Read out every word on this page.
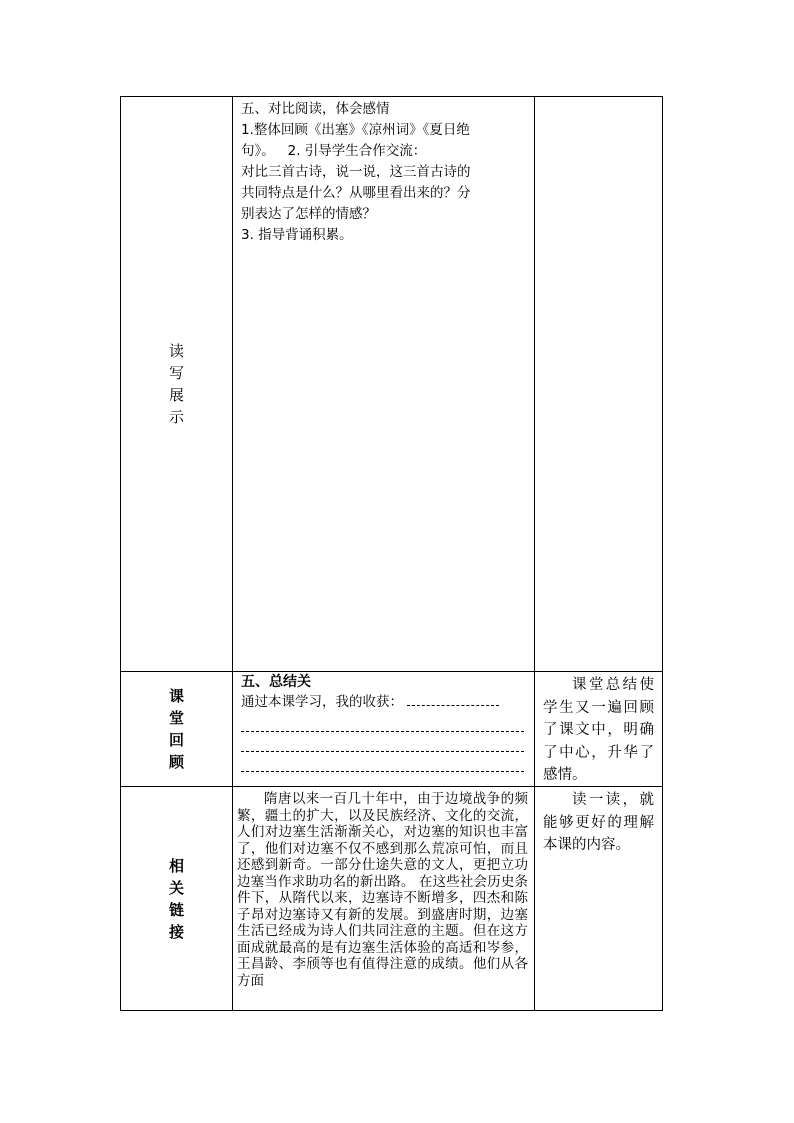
读
写
展
示

五、对比阅读，体会感情

1.整体回顾《出塞》《凉州词》《夏日绝

句》。   2. 引导学生合作交流：

对比三首古诗，说一说，这三首古诗的

共同特点是什么？从哪里看出来的？分

别表达了怎样的情感？

3. 指导背诵积累。

课
堂
回
顾

五、总结关

通过本课学习，我的收获：

课堂总结使学生又一遍回顾了课文中，明确了中心，升华了感情。

相
关
链
接

隋唐以来一百几十年中，由于边境战争的频繁，疆土的扩大，以及民族经济、文化的交流，人们对边塞生活渐渐关心，对边塞的知识也丰富了，他们对边塞不仅不感到那么荒凉可怕，而且还感到新奇。一部分仕途失意的文人，更把立功边塞当作求助功名的新出路。 在这些社会历史条件下，从隋代以来，边塞诗不断增多，四杰和陈子昂对边塞诗又有新的发展。到盛唐时期，边塞生活已经成为诗人们共同注意的主题。但在这方面成就最高的是有边塞生活体验的高适和岑参，王昌龄、李颀等也有值得注意的成绩。他们从各方面

读一读，就能够更好的理解本课的内容。
